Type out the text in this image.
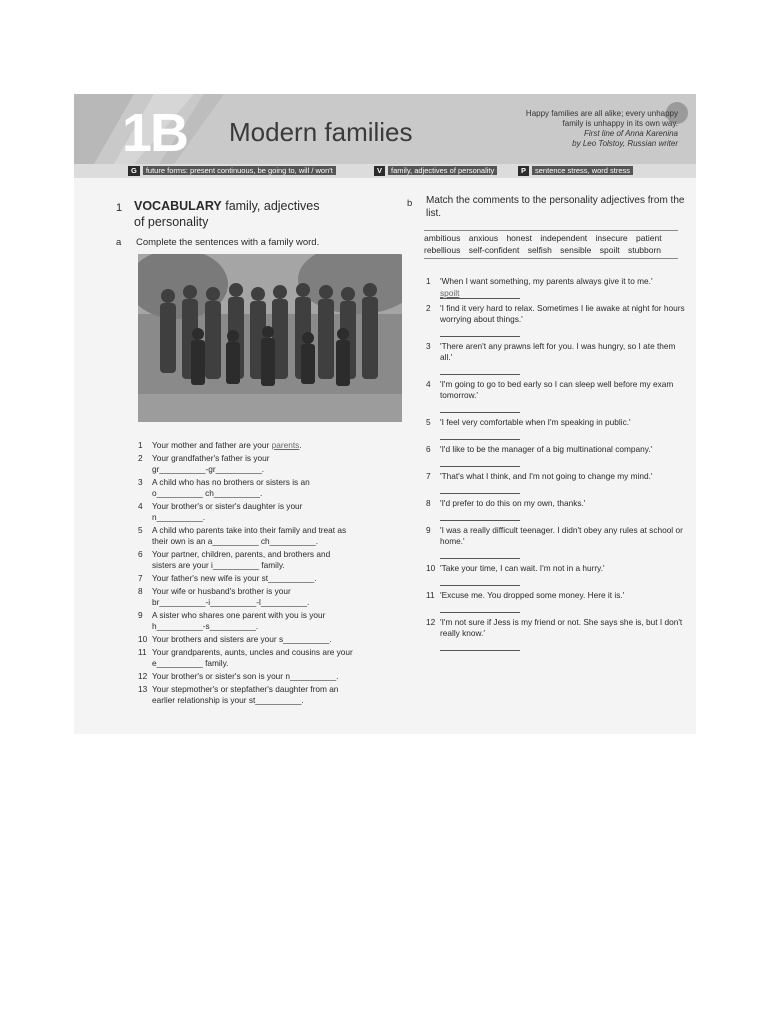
1B Modern families
Happy families are all alike; every unhappy
family is unhappy in its own way.
First line of Anna Karenina
by Leo Tolstoy, Russian writer
G future forms: present continuous, be going to, will / won't	V family, adjectives of personality	P sentence stress, word stress
1 VOCABULARY family, adjectives
of personality
a Complete the sentences with a family word.
1 Your mother and father are your parents.
2 Your grandfather's father is your
gr__________-gr__________.
3 A child who has no brothers or sisters is an
o__________ ch__________.
4 Your brother's or sister's daughter is your
n__________.
5 A child who parents take into their family and treat as
their own is an a__________ ch__________.
6 Your partner, children, parents, and brothers and
sisters are your i__________ family.
7 Your father's new wife is your st__________.
8 Your wife or husband's brother is your
br__________-i__________-l__________.
9 A sister who shares one parent with you is your
h__________-s__________.
10 Your brothers and sisters are your s__________.
11 Your grandparents, aunts, uncles and cousins are your
e__________ family.
12 Your brother's or sister's son is your n__________.
13 Your stepmother's or stepfather's daughter from an
earlier relationship is your st__________.
b Match the comments to the personality adjectives from the list.
ambitious anxious honest independent insecure patient rebellious self-confident selfish sensible spoilt stubborn
1 'When I want something, my parents always give it to me.'
spoilt
2 'I find it very hard to relax. Sometimes I lie awake at night for hours worrying about things.'
3 'There aren't any prawns left for you. I was hungry, so I ate them all.'
4 'I'm going to go to bed early so I can sleep well before my exam tomorrow.'
5 'I feel very comfortable when I'm speaking in public.'
6 'I'd like to be the manager of a big multinational company.'
7 'That's what I think, and I'm not going to change my mind.'
8 'I'd prefer to do this on my own, thanks.'
9 'I was a really difficult teenager. I didn't obey any rules at school or home.'
10 'Take your time, I can wait. I'm not in a hurry.'
11 'Excuse me. You dropped some money. Here it is.'
12 'I'm not sure if Jess is my friend or not. She says she is, but I don't really know.'
